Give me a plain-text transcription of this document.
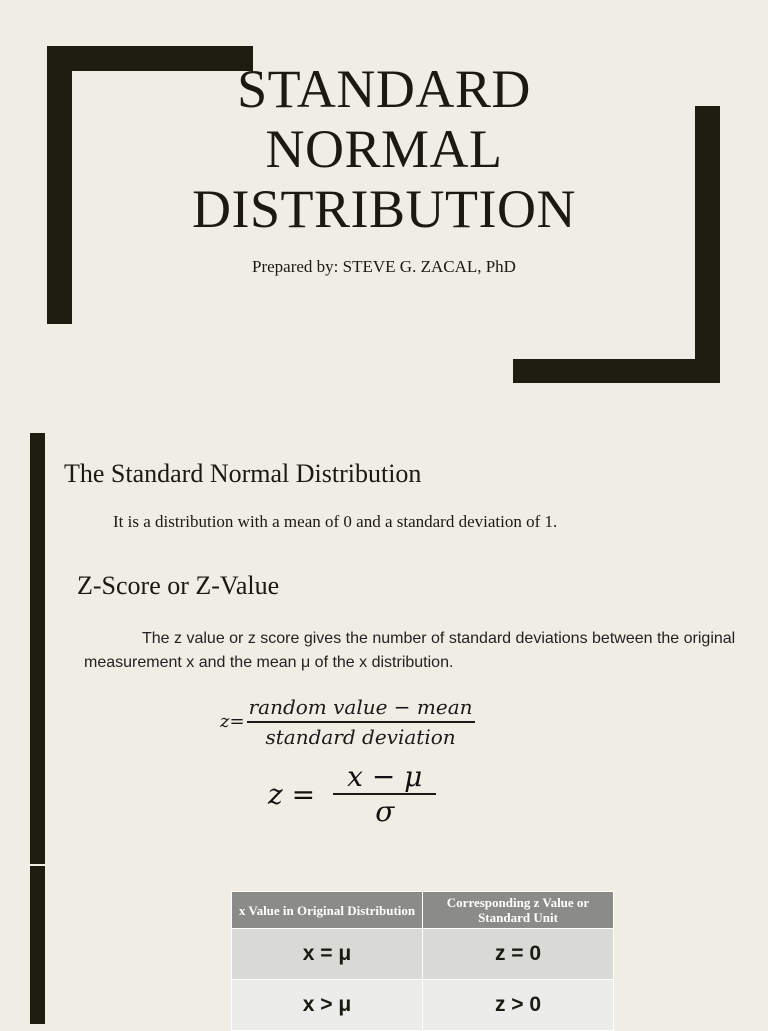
STANDARD
NORMAL
DISTRIBUTION
Prepared by: STEVE G. ZACAL, PhD
The Standard Normal Distribution
It is a distribution with a mean of 0 and a standard deviation of 1.
Z-Score or Z-Value
The z value or z score gives the number of standard deviations between the original measurement x and the mean μ of the x distribution.
$z= \frac{\text{random value − mean}}{\text{standard deviation}}$
$z = \frac{x - \mu}{\sigma}$
x Value in Original Distribution	Corresponding z Value or Standard Unit
x = μ	z = 0
x > μ	z > 0
